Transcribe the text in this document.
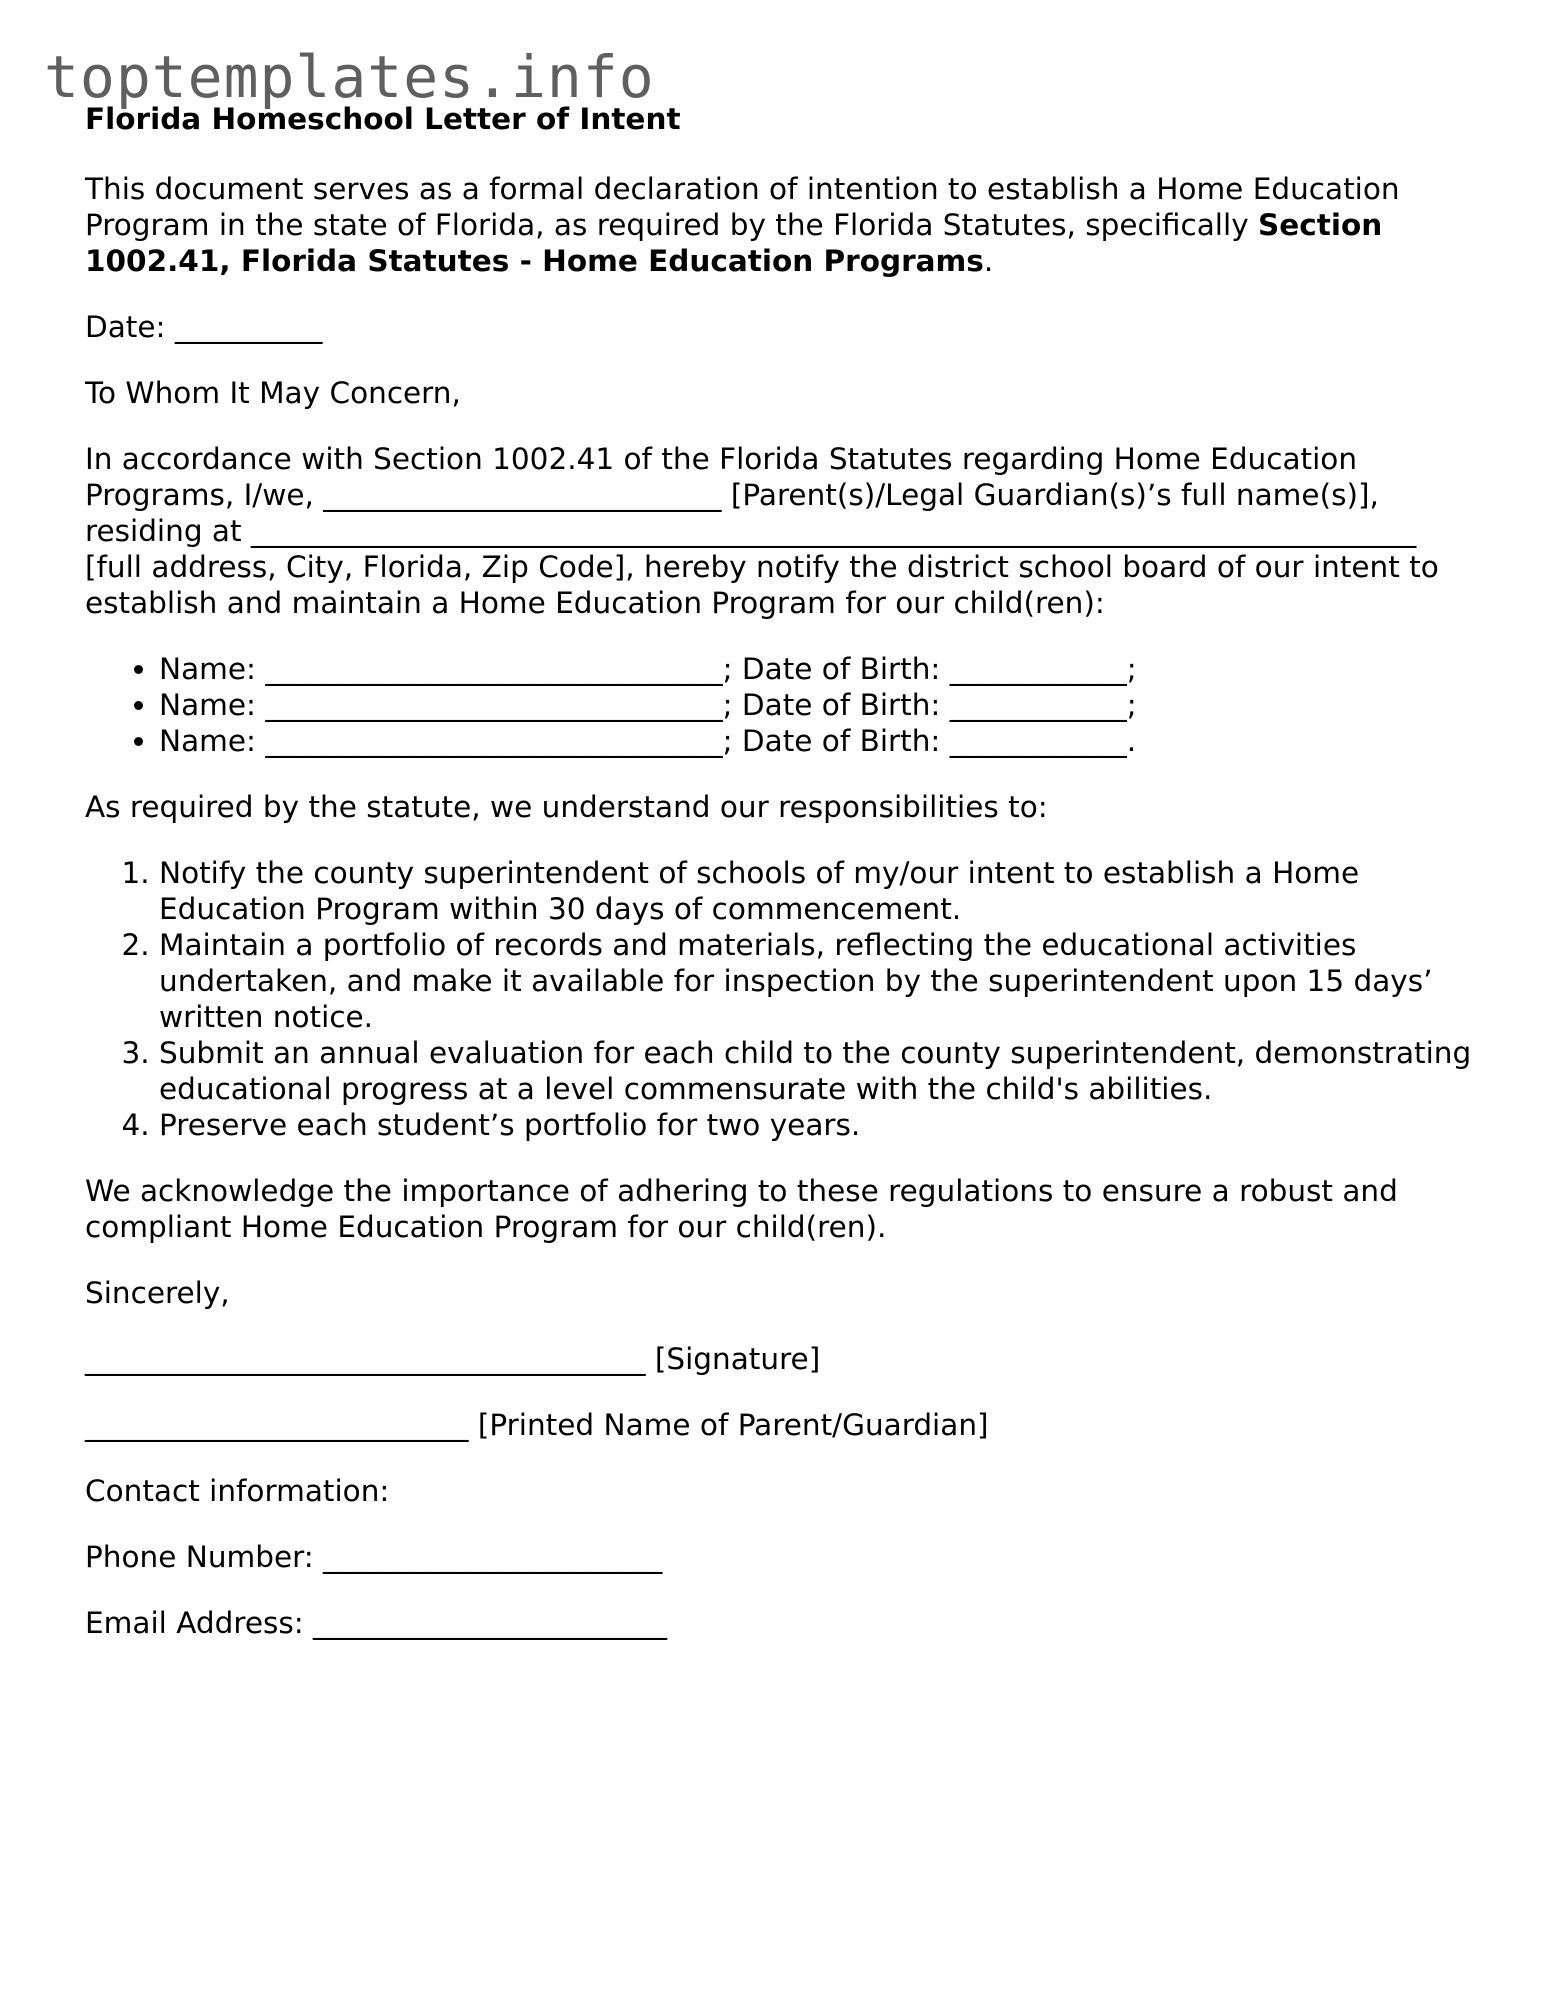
toptemplates.info
Florida Homeschool Letter of Intent

This document serves as a formal declaration of intention to establish a Home Education Program in the state of Florida, as required by the Florida Statutes, specifically Section 1002.41, Florida Statutes - Home Education Programs.

Date: __________

To Whom It May Concern,

In accordance with Section 1002.41 of the Florida Statutes regarding Home Education Programs, I/we, ___________________________ [Parent(s)/Legal Guardian(s)’s full name(s)], residing at _______________________________________________________________________________ [full address, City, Florida, Zip Code], hereby notify the district school board of our intent to establish and maintain a Home Education Program for our child(ren):

• Name: _______________________________; Date of Birth: ____________;
• Name: _______________________________; Date of Birth: ____________;
• Name: _______________________________; Date of Birth: ____________.

As required by the statute, we understand our responsibilities to:

1. Notify the county superintendent of schools of my/our intent to establish a Home Education Program within 30 days of commencement.
2. Maintain a portfolio of records and materials, reflecting the educational activities undertaken, and make it available for inspection by the superintendent upon 15 days’ written notice.
3. Submit an annual evaluation for each child to the county superintendent, demonstrating educational progress at a level commensurate with the child's abilities.
4. Preserve each student’s portfolio for two years.

We acknowledge the importance of adhering to these regulations to ensure a robust and compliant Home Education Program for our child(ren).

Sincerely,

______________________________________ [Signature]
__________________________ [Printed Name of Parent/Guardian]

Contact information:

Phone Number: _______________________
Email Address: ________________________
